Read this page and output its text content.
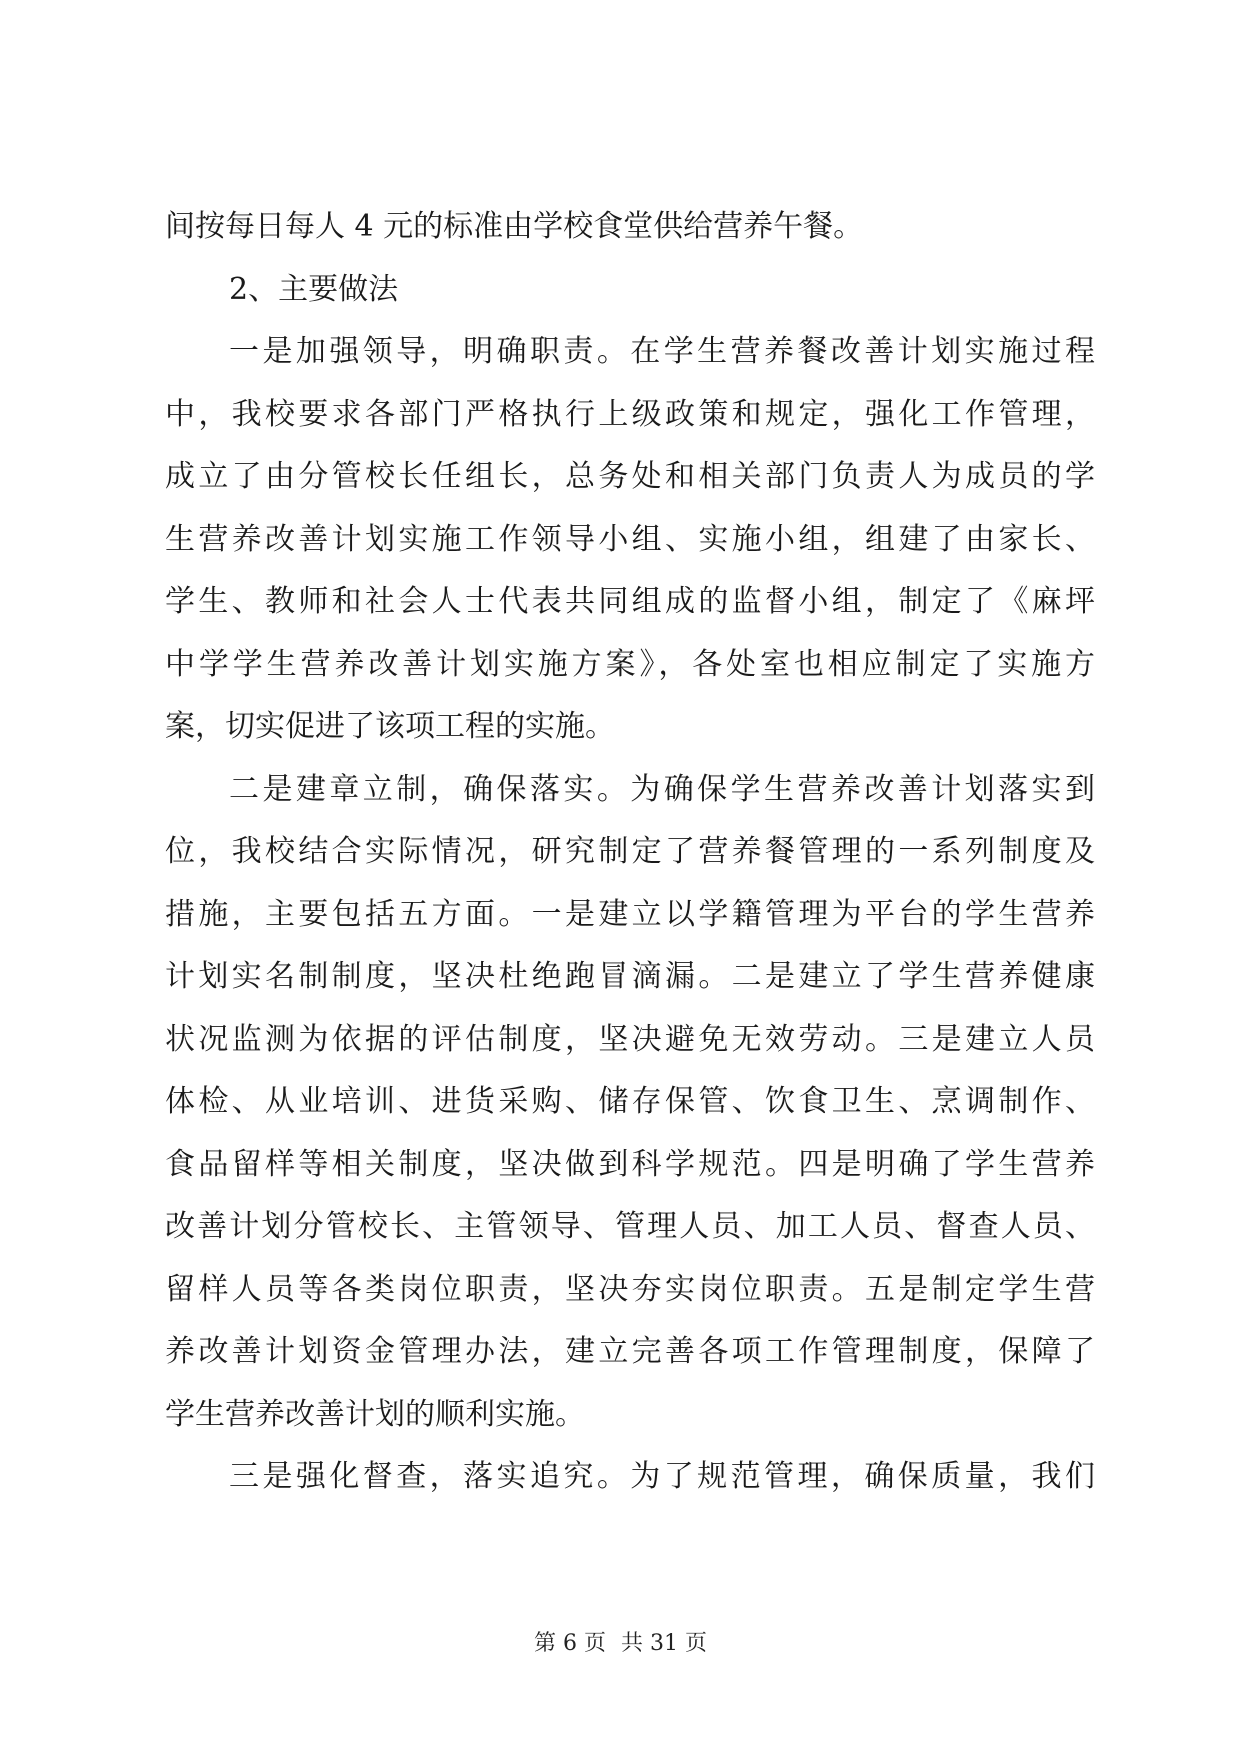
间按每日每人 4 元的标准由学校食堂供给营养午餐。
2、主要做法
一是加强领导，明确职责。在学生营养餐改善计划实施过程
中，我校要求各部门严格执行上级政策和规定，强化工作管理，
成立了由分管校长任组长，总务处和相关部门负责人为成员的学
生营养改善计划实施工作领导小组、实施小组，组建了由家长、
学生、教师和社会人士代表共同组成的监督小组，制定了《麻坪
中学学生营养改善计划实施方案》，各处室也相应制定了实施方
案，切实促进了该项工程的实施。
二是建章立制，确保落实。为确保学生营养改善计划落实到
位，我校结合实际情况，研究制定了营养餐管理的一系列制度及
措施，主要包括五方面。一是建立以学籍管理为平台的学生营养
计划实名制制度，坚决杜绝跑冒滴漏。二是建立了学生营养健康
状况监测为依据的评估制度，坚决避免无效劳动。三是建立人员
体检、从业培训、进货采购、储存保管、饮食卫生、烹调制作、
食品留样等相关制度，坚决做到科学规范。四是明确了学生营养
改善计划分管校长、主管领导、管理人员、加工人员、督查人员、
留样人员等各类岗位职责，坚决夯实岗位职责。五是制定学生营
养改善计划资金管理办法，建立完善各项工作管理制度，保障了
学生营养改善计划的顺利实施。
三是强化督查，落实追究。为了规范管理，确保质量，我们
第 6 页 共 31 页
